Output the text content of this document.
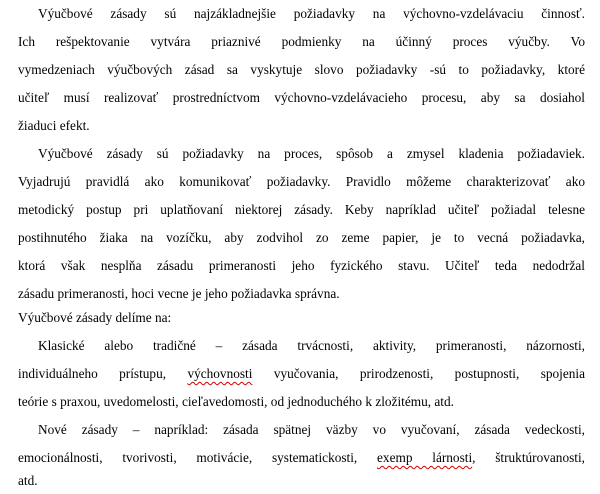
Výučbové zásady sú najzákladnejšie požiadavky na výchovno-vzdelávaciu činnosť.
Ich rešpektovanie vytvára priaznivé podmienky na účinný proces výučby. Vo
vymedzeniach výučbových zásad sa vyskytuje slovo požiadavky -sú to požiadavky, ktoré
učiteľ musí realizovať prostredníctvom výchovno-vzdelávacieho procesu, aby sa dosiahol
žiaduci efekt.
Výučbové zásady sú požiadavky na proces, spôsob a zmysel kladenia požiadaviek.
Vyjadrujú pravidlá ako komunikovať požiadavky. Pravidlo môžeme charakterizovať ako
metodický postup pri uplatňovaní niektorej zásady. Keby napríklad učiteľ požiadal telesne
postihnutého žiaka na vozíčku, aby zodvihol zo zeme papier, je to vecná požiadavka,
ktorá však nesplňa zásadu primeranosti jeho fyzického stavu. Učiteľ teda nedodržal
zásadu primeranosti, hoci vecne je jeho požiadavka správna.
Výučbové zásady delíme na:
Klasické alebo tradičné – zásada trvácnosti, aktivity, primeranosti, názornosti,
individuálneho prístupu, výchovnosti vyučovania, prirodzenosti, postupnosti, spojenia
teórie s praxou, uvedomelosti, cieľavedomosti, od jednoduchého k zložitému, atd.
Nové zásady – napríklad: zásada spätnej väzby vo vyučovaní, zásada vedeckosti,
emocionálnosti, tvorivosti, motivácie, systematickosti, exemp lárnosti, štruktúrovanosti,
atd.
